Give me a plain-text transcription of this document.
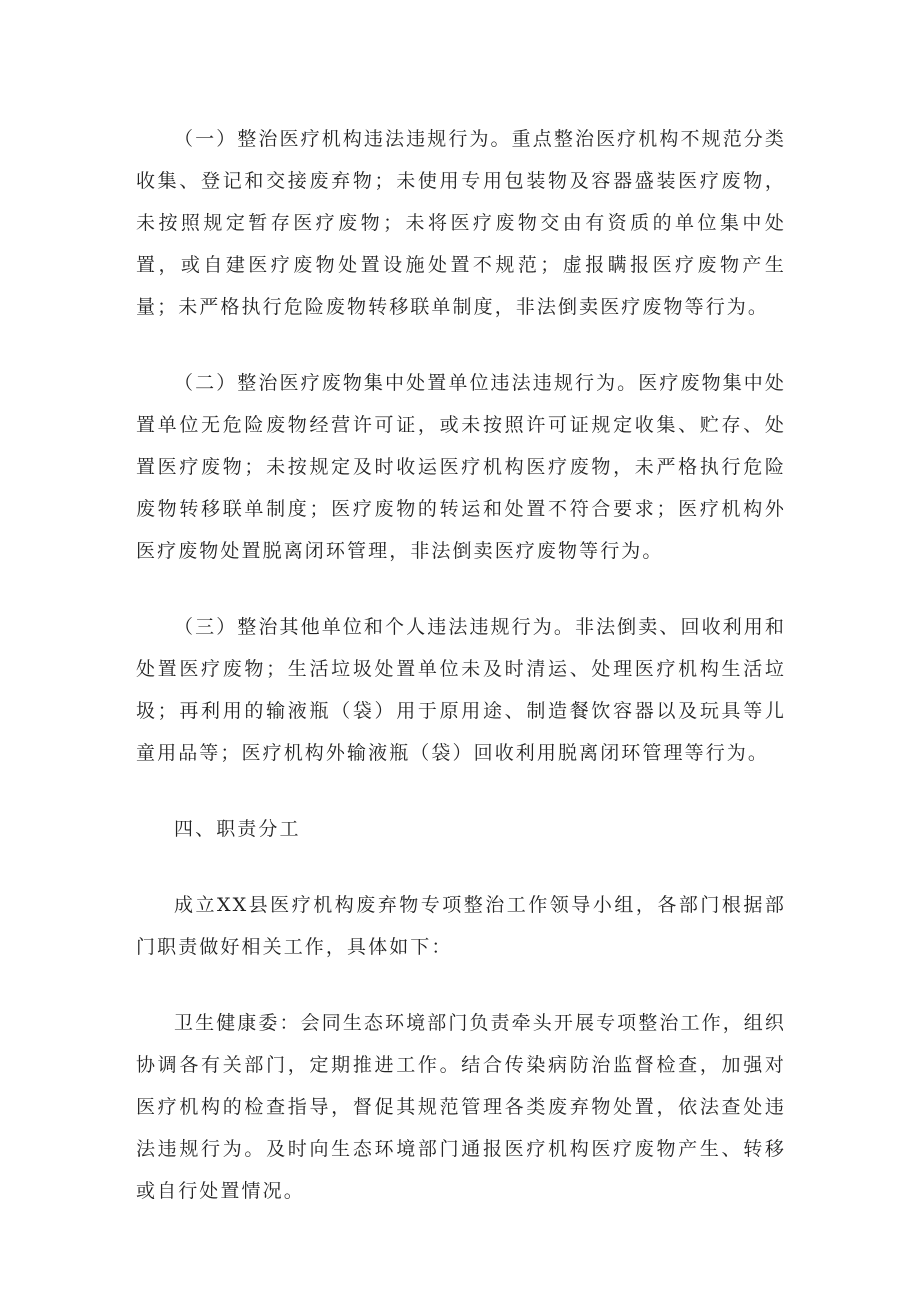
（一）整治医疗机构违法违规行为。重点整治医疗机构不规范分类收集、登记和交接废弃物；未使用专用包装物及容器盛装医疗废物，未按照规定暂存医疗废物；未将医疗废物交由有资质的单位集中处置，或自建医疗废物处置设施处置不规范；虚报瞒报医疗废物产生量；未严格执行危险废物转移联单制度，非法倒卖医疗废物等行为。

（二）整治医疗废物集中处置单位违法违规行为。医疗废物集中处置单位无危险废物经营许可证，或未按照许可证规定收集、贮存、处置医疗废物；未按规定及时收运医疗机构医疗废物，未严格执行危险废物转移联单制度；医疗废物的转运和处置不符合要求；医疗机构外医疗废物处置脱离闭环管理，非法倒卖医疗废物等行为。

（三）整治其他单位和个人违法违规行为。非法倒卖、回收利用和处置医疗废物；生活垃圾处置单位未及时清运、处理医疗机构生活垃圾；再利用的输液瓶（袋）用于原用途、制造餐饮容器以及玩具等儿童用品等；医疗机构外输液瓶（袋）回收利用脱离闭环管理等行为。

四、职责分工

成立XX县医疗机构废弃物专项整治工作领导小组，各部门根据部门职责做好相关工作，具体如下：

卫生健康委：会同生态环境部门负责牵头开展专项整治工作，组织协调各有关部门，定期推进工作。结合传染病防治监督检查，加强对医疗机构的检查指导，督促其规范管理各类废弃物处置，依法查处违法违规行为。及时向生态环境部门通报医疗机构医疗废物产生、转移或自行处置情况。
